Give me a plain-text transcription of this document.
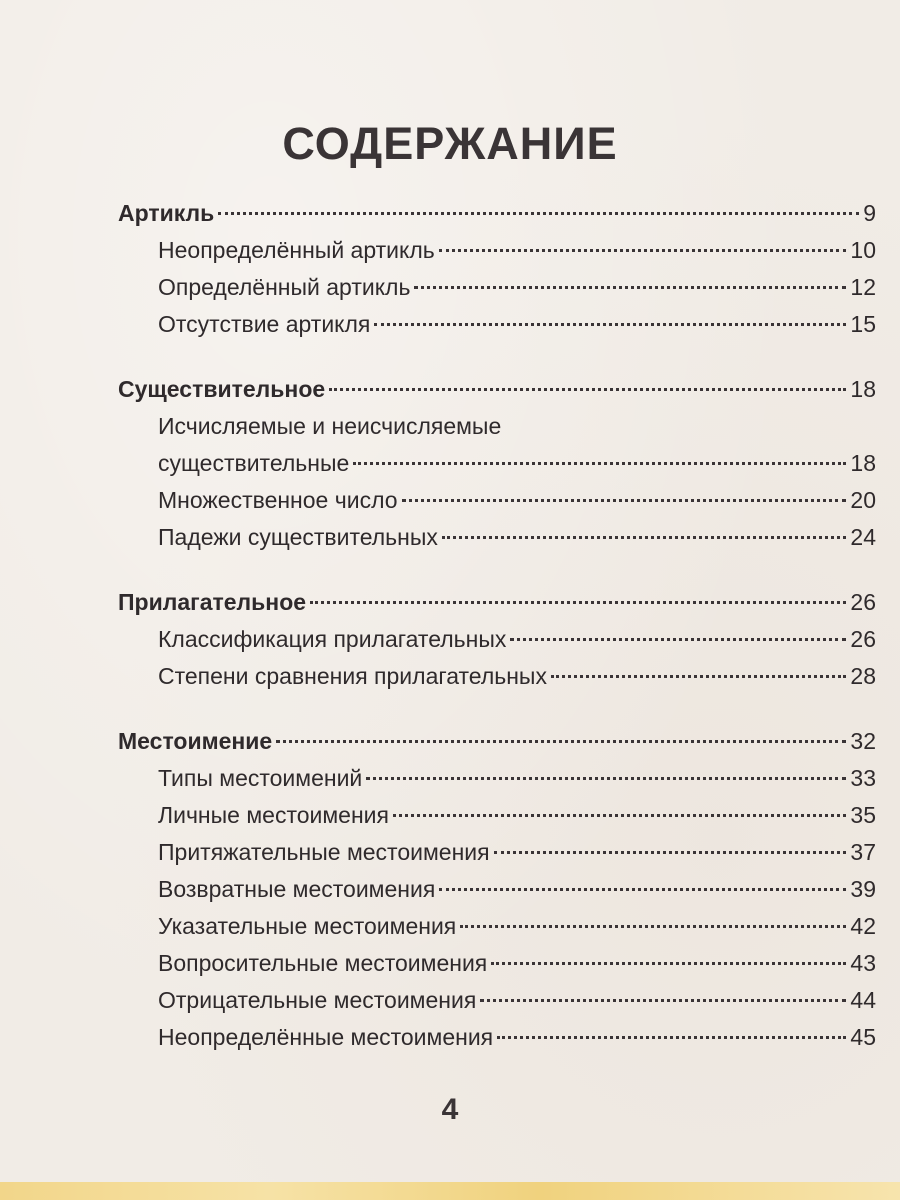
СОДЕРЖАНИЕ
Артикль	9
Неопределённый артикль	10
Определённый артикль	12
Отсутствие артикля	15
Существительное	18
Исчисляемые и неисчисляемые
существительные	18
Множественное число	20
Падежи существительных	24
Прилагательное	26
Классификация прилагательных	26
Степени сравнения прилагательных	28
Местоимение	32
Типы местоимений	33
Личные местоимения	35
Притяжательные местоимения	37
Возвратные местоимения	39
Указательные местоимения	42
Вопросительные местоимения	43
Отрицательные местоимения	44
Неопределённые местоимения	45
4
